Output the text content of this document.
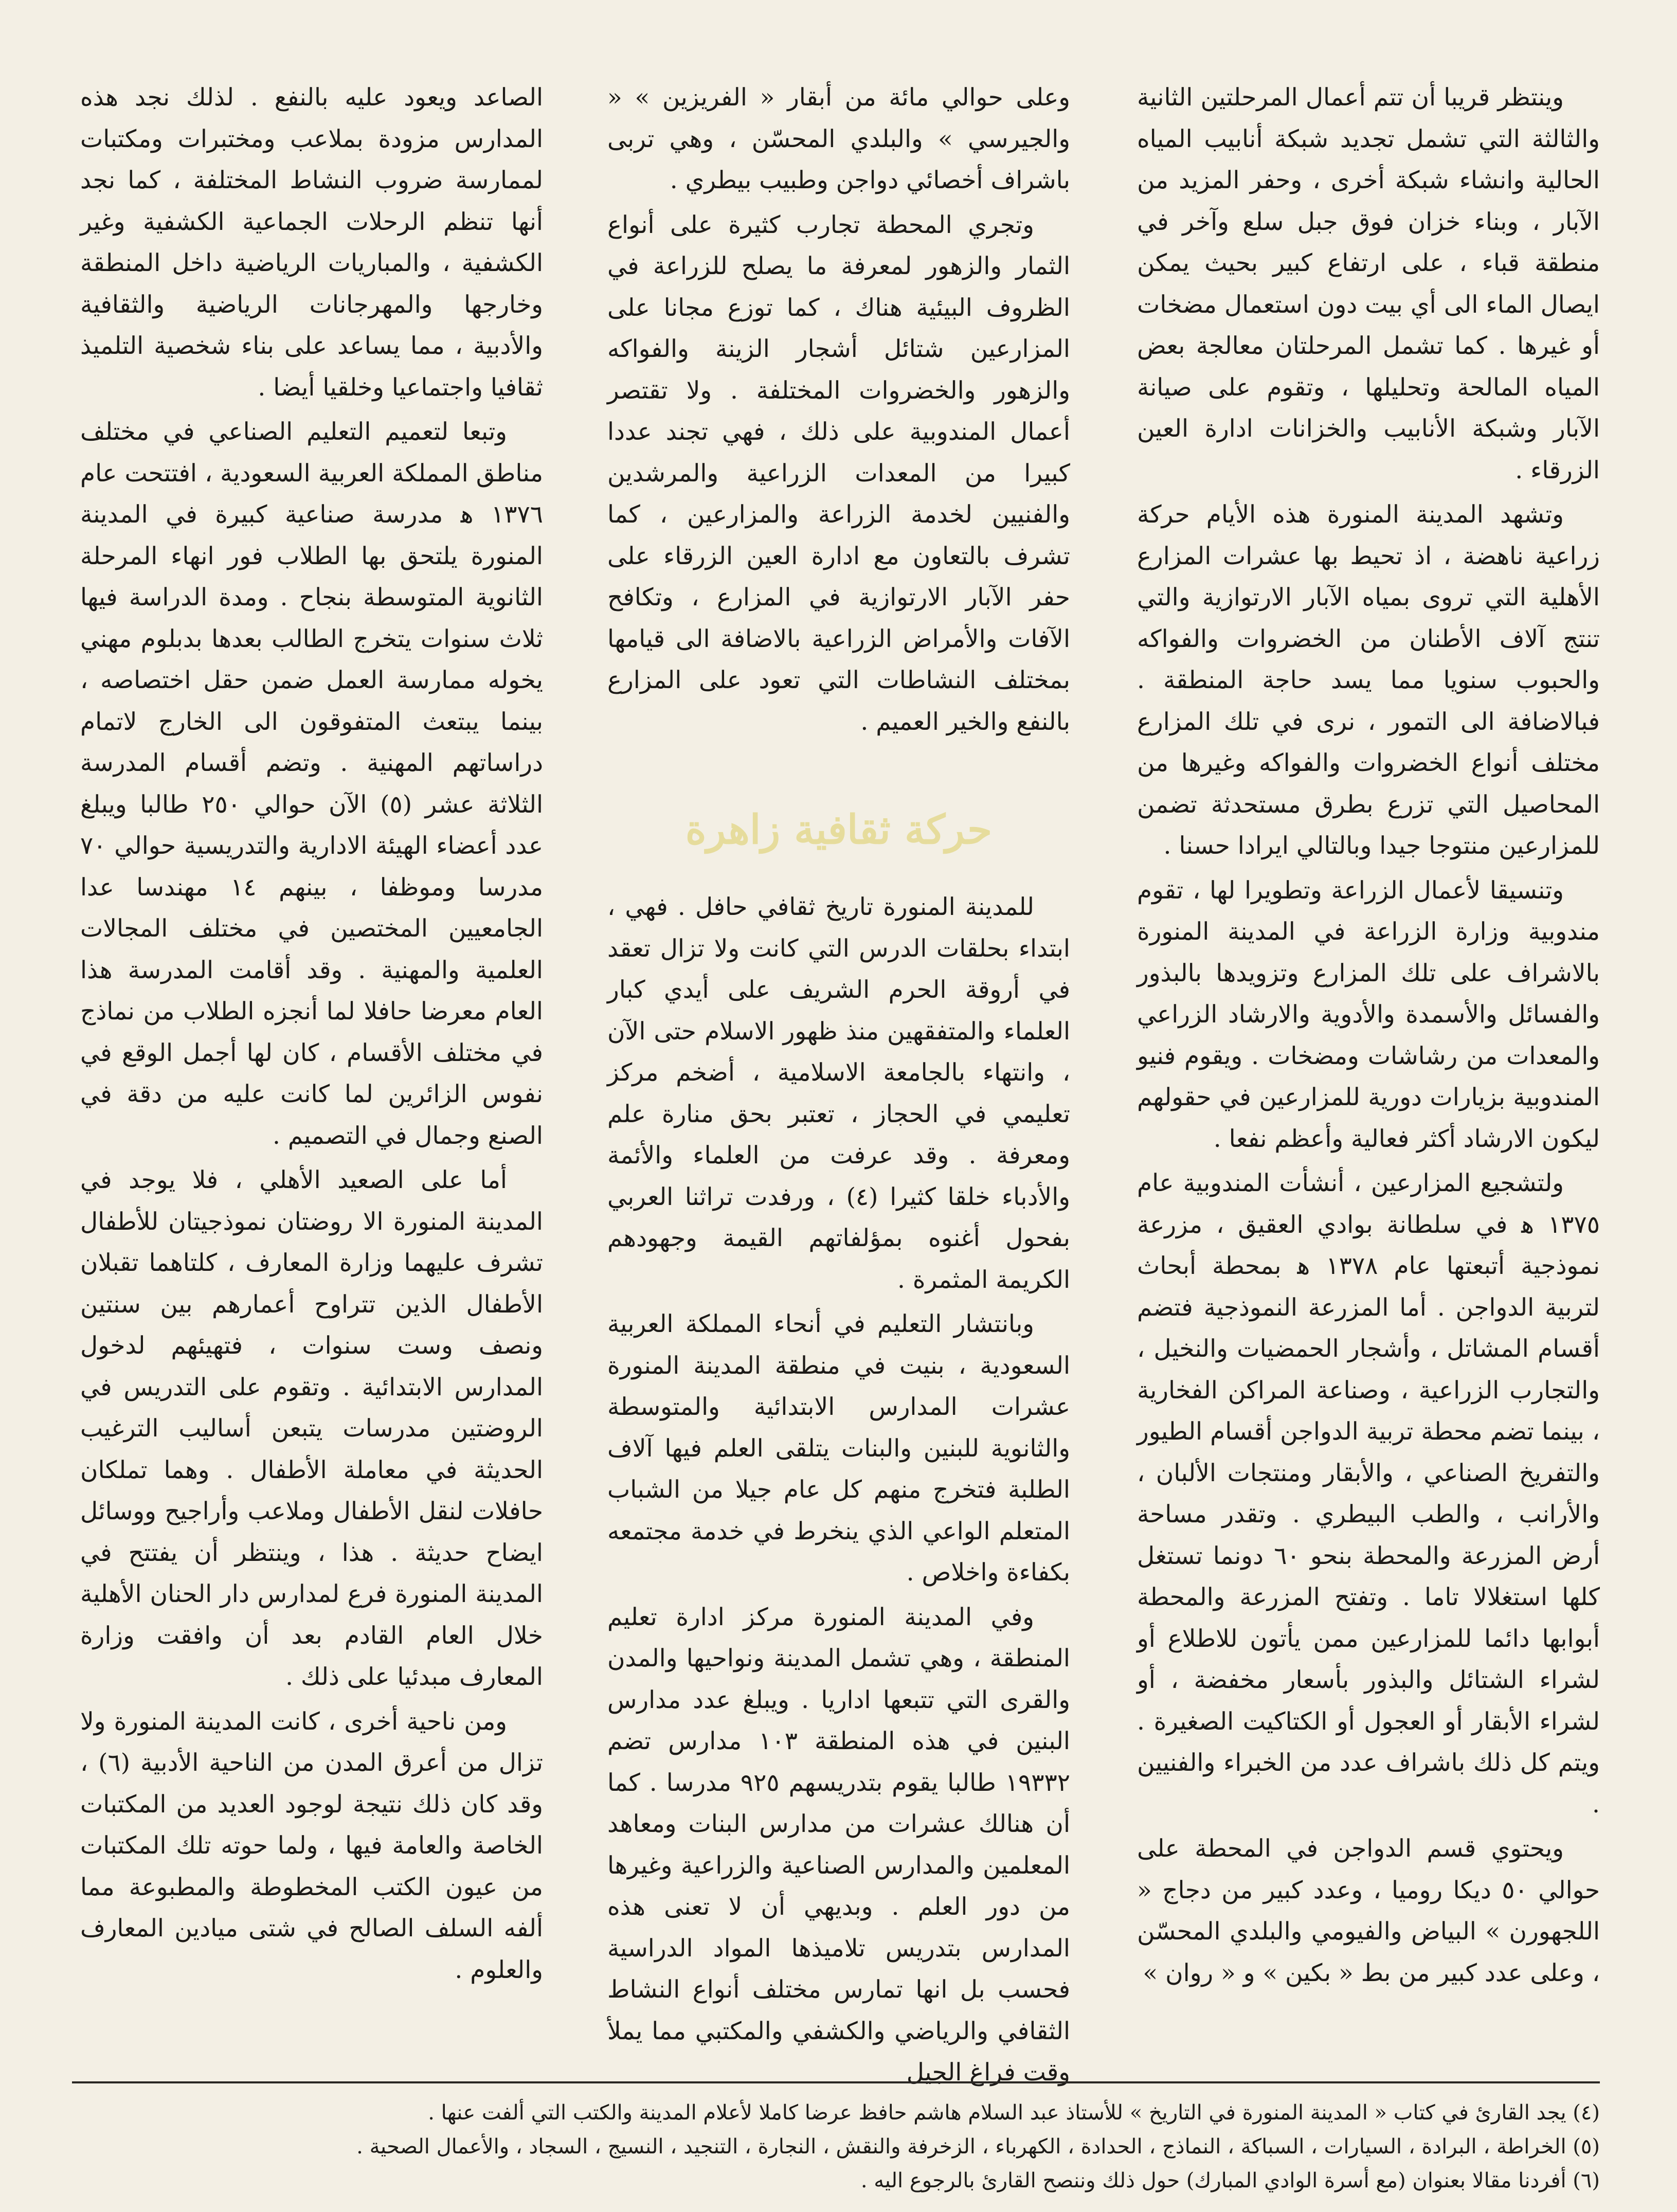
وينتظر قريبا أن تتم أعمال المرحلتين الثانية والثالثة التي تشمل تجديد شبكة أنابيب المياه الحالية وانشاء شبكة أخرى ، وحفر المزيد من الآبار ، وبناء خزان فوق جبل سلع وآخر في منطقة قباء ، على ارتفاع كبير بحيث يمكن ايصال الماء الى أي بيت دون استعمال مضخات أو غيرها . كما تشمل المرحلتان معالجة بعض المياه المالحة وتحليلها ، وتقوم على صيانة الآبار وشبكة الأنابيب والخزانات ادارة العين الزرقاء .

وتشهد المدينة المنورة هذه الأيام حركة زراعية ناهضة ، اذ تحيط بها عشرات المزارع الأهلية التي تروى بمياه الآبار الارتوازية والتي تنتج آلاف الأطنان من الخضروات والفواكه والحبوب سنويا مما يسد حاجة المنطقة . فبالاضافة الى التمور ، نرى في تلك المزارع مختلف أنواع الخضروات والفواكه وغيرها من المحاصيل التي تزرع بطرق مستحدثة تضمن للمزارعين منتوجا جيدا وبالتالي ايرادا حسنا .

وتنسيقا لأعمال الزراعة وتطويرا لها ، تقوم مندوبية وزارة الزراعة في المدينة المنورة بالاشراف على تلك المزارع وتزويدها بالبذور والفسائل والأسمدة والأدوية والارشاد الزراعي والمعدات من رشاشات ومضخات . ويقوم فنيو المندوبية بزيارات دورية للمزارعين في حقولهم ليكون الارشاد أكثر فعالية وأعظم نفعا .

ولتشجيع المزارعين ، أنشأت المندوبية عام ١٣٧٥ ﻫ في سلطانة بوادي العقيق ، مزرعة نموذجية أتبعتها عام ١٣٧٨ ﻫ بمحطة أبحاث لتربية الدواجن . أما المزرعة النموذجية فتضم أقسام المشاتل ، وأشجار الحمضيات والنخيل ، والتجارب الزراعية ، وصناعة المراكن الفخارية ، بينما تضم محطة تربية الدواجن أقسام الطيور والتفريخ الصناعي ، والأبقار ومنتجات الألبان ، والأرانب ، والطب البيطري . وتقدر مساحة أرض المزرعة والمحطة بنحو ٦٠ دونما تستغل كلها استغلالا تاما . وتفتح المزرعة والمحطة أبوابها دائما للمزارعين ممن يأتون للاطلاع أو لشراء الشتائل والبذور بأسعار مخفضة ، أو لشراء الأبقار أو العجول أو الكتاكيت الصغيرة . ويتم كل ذلك باشراف عدد من الخبراء والفنيين .

ويحتوي قسم الدواجن في المحطة على حوالي ٥٠ ديكا روميا ، وعدد كبير من دجاج « اللجهورن » البياض والفيومي والبلدي المحسّن ، وعلى عدد كبير من بط « بكين » و « روان »

وعلى حوالي مائة من أبقار « الفريزين » « والجيرسي » والبلدي المحسّن ، وهي تربى باشراف أخصائي دواجن وطبيب بيطري .

وتجري المحطة تجارب كثيرة على أنواع الثمار والزهور لمعرفة ما يصلح للزراعة في الظروف البيئية هناك ، كما توزع مجانا على المزارعين شتائل أشجار الزينة والفواكه والزهور والخضروات المختلفة . ولا تقتصر أعمال المندوبية على ذلك ، فهي تجند عددا كبيرا من المعدات الزراعية والمرشدين والفنيين لخدمة الزراعة والمزارعين ، كما تشرف بالتعاون مع ادارة العين الزرقاء على حفر الآبار الارتوازية في المزارع ، وتكافح الآفات والأمراض الزراعية بالاضافة الى قيامها بمختلف النشاطات التي تعود على المزارع بالنفع والخير العميم .

حركة ثقافية زاهرة

للمدينة المنورة تاريخ ثقافي حافل . فهي ، ابتداء بحلقات الدرس التي كانت ولا تزال تعقد في أروقة الحرم الشريف على أيدي كبار العلماء والمتفقهين منذ ظهور الاسلام حتى الآن ، وانتهاء بالجامعة الاسلامية ، أضخم مركز تعليمي في الحجاز ، تعتبر بحق منارة علم ومعرفة . وقد عرفت من العلماء والأئمة والأدباء خلقا كثيرا (٤) ، ورفدت تراثنا العربي بفحول أغنوه بمؤلفاتهم القيمة وجهودهم الكريمة المثمرة .

وبانتشار التعليم في أنحاء المملكة العربية السعودية ، بنيت في منطقة المدينة المنورة عشرات المدارس الابتدائية والمتوسطة والثانوية للبنين والبنات يتلقى العلم فيها آلاف الطلبة فتخرج منهم كل عام جيلا من الشباب المتعلم الواعي الذي ينخرط في خدمة مجتمعه بكفاءة واخلاص .

وفي المدينة المنورة مركز ادارة تعليم المنطقة ، وهي تشمل المدينة ونواحيها والمدن والقرى التي تتبعها اداريا . ويبلغ عدد مدارس البنين في هذه المنطقة ١٠٣ مدارس تضم ١٩٣٣٢ طالبا يقوم بتدريسهم ٩٢٥ مدرسا . كما أن هنالك عشرات من مدارس البنات ومعاهد المعلمين والمدارس الصناعية والزراعية وغيرها من دور العلم . وبديهي أن لا تعنى هذه المدارس بتدريس تلاميذها المواد الدراسية فحسب بل انها تمارس مختلف أنواع النشاط الثقافي والرياضي والكشفي والمكتبي مما يملأ وقت فراغ الجيل

الصاعد ويعود عليه بالنفع . لذلك نجد هذه المدارس مزودة بملاعب ومختبرات ومكتبات لممارسة ضروب النشاط المختلفة ، كما نجد أنها تنظم الرحلات الجماعية الكشفية وغير الكشفية ، والمباريات الرياضية داخل المنطقة وخارجها والمهرجانات الرياضية والثقافية والأدبية ، مما يساعد على بناء شخصية التلميذ ثقافيا واجتماعيا وخلقيا أيضا .

وتبعا لتعميم التعليم الصناعي في مختلف مناطق المملكة العربية السعودية ، افتتحت عام ١٣٧٦ ﻫ مدرسة صناعية كبيرة في المدينة المنورة يلتحق بها الطلاب فور انهاء المرحلة الثانوية المتوسطة بنجاح . ومدة الدراسة فيها ثلاث سنوات يتخرج الطالب بعدها بدبلوم مهني يخوله ممارسة العمل ضمن حقل اختصاصه ، بينما يبتعث المتفوقون الى الخارج لاتمام دراساتهم المهنية . وتضم أقسام المدرسة الثلاثة عشر (٥) الآن حوالي ٢٥٠ طالبا ويبلغ عدد أعضاء الهيئة الادارية والتدريسية حوالي ٧٠ مدرسا وموظفا ، بينهم ١٤ مهندسا عدا الجامعيين المختصين في مختلف المجالات العلمية والمهنية . وقد أقامت المدرسة هذا العام معرضا حافلا لما أنجزه الطلاب من نماذج في مختلف الأقسام ، كان لها أجمل الوقع في نفوس الزائرين لما كانت عليه من دقة في الصنع وجمال في التصميم .

أما على الصعيد الأهلي ، فلا يوجد في المدينة المنورة الا روضتان نموذجيتان للأطفال تشرف عليهما وزارة المعارف ، كلتاهما تقبلان الأطفال الذين تتراوح أعمارهم بين سنتين ونصف وست سنوات ، فتهيئهم لدخول المدارس الابتدائية . وتقوم على التدريس في الروضتين مدرسات يتبعن أساليب الترغيب الحديثة في معاملة الأطفال . وهما تملكان حافلات لنقل الأطفال وملاعب وأراجيح ووسائل ايضاح حديثة . هذا ، وينتظر أن يفتتح في المدينة المنورة فرع لمدارس دار الحنان الأهلية خلال العام القادم بعد أن وافقت وزارة المعارف مبدئيا على ذلك .

ومن ناحية أخرى ، كانت المدينة المنورة ولا تزال من أعرق المدن من الناحية الأدبية (٦) ، وقد كان ذلك نتيجة لوجود العديد من المكتبات الخاصة والعامة فيها ، ولما حوته تلك المكتبات من عيون الكتب المخطوطة والمطبوعة مما ألفه السلف الصالح في شتى ميادين المعارف والعلوم .

(٤) يجد القارئ في كتاب « المدينة المنورة في التاريخ » للأستاذ عبد السلام هاشم حافظ عرضا كاملا لأعلام المدينة والكتب التي ألفت عنها .
(٥) الخراطة ، البرادة ، السيارات ، السباكة ، النماذج ، الحدادة ، الكهرباء ، الزخرفة والنقش ، النجارة ، التنجيد ، النسيج ، السجاد ، والأعمال الصحية .
(٦) أفردنا مقالا بعنوان (مع أسرة الوادي المبارك) حول ذلك وننصح القارئ بالرجوع اليه .
